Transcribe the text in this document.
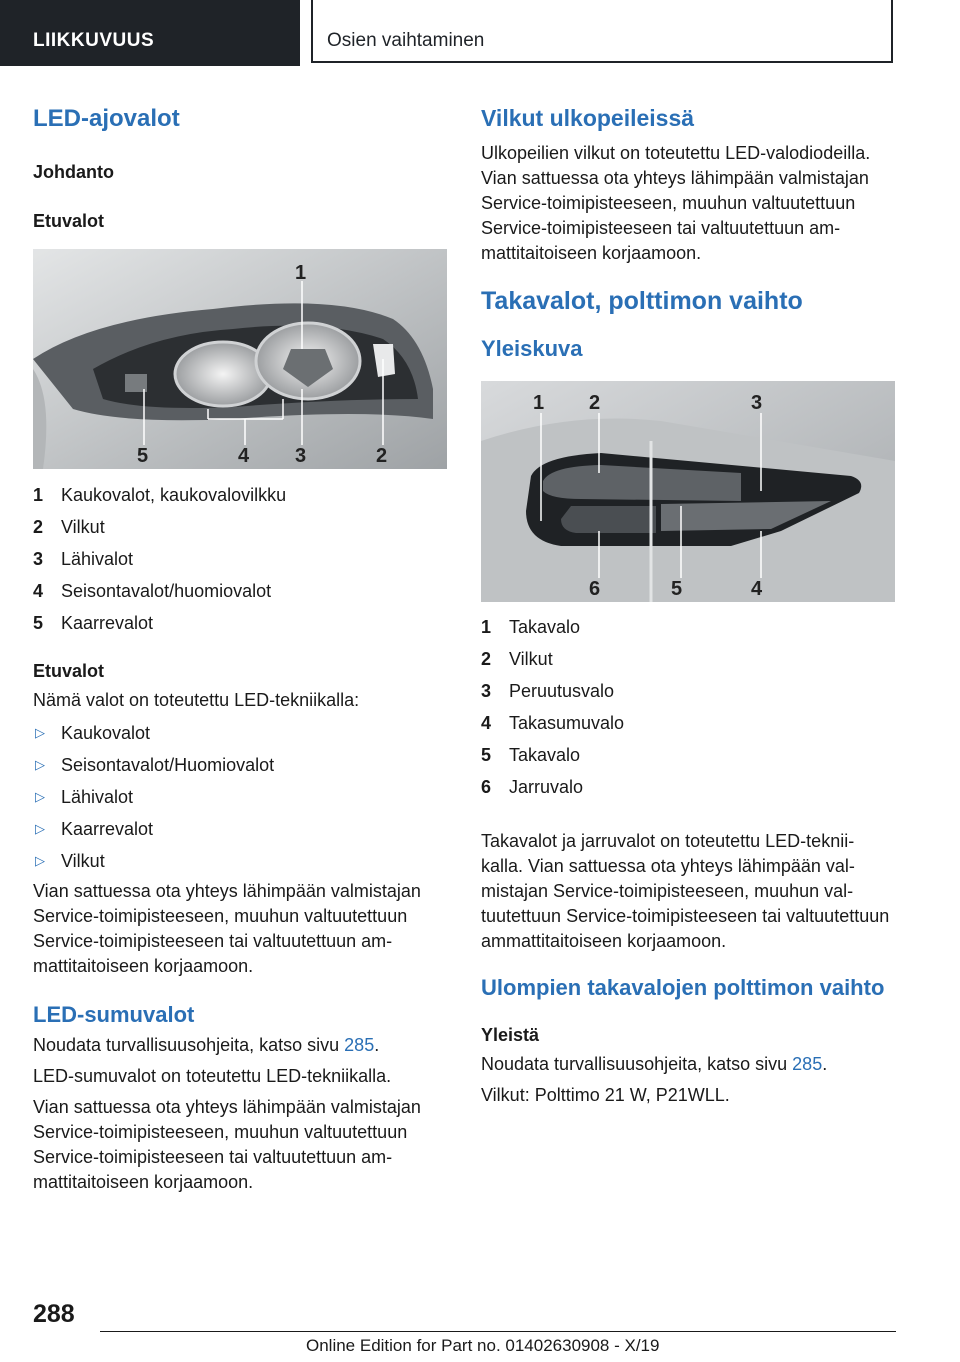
LIIKKUVUUS	Osien vaihtaminen
LED-ajovalot
Johdanto
Etuvalot
1
5	4 3	2
1 Kaukovalot, kaukovalovilkku
2 Vilkut
3 Lähivalot
4 Seisontavalot/huomiovalot
5 Kaarrevalot
Etuvalot

Nämä valot on toteutettu LED-tekniikalla:

▷ Kaukovalot
▷ Seisontavalot/Huomiovalot
▷ Lähivalot
▷ Kaarrevalot
▷ Vilkut

Vian sattuessa ota yhteys lähimpään valmistajan Service-toimipisteeseen, muuhun valtuutettuun Service-toimipisteeseen tai valtuutettuun am-mattitaitoiseen korjaamoon.

LED-sumuvalot

Noudata turvallisuusohjeita, katso sivu 285.

LED-sumuvalot on toteutettu LED-tekniikalla.

Vian sattuessa ota yhteys lähimpään valmistajan Service-toimipisteeseen, muuhun valtuutettuun Service-toimipisteeseen tai valtuutettuun am-mattitaitoiseen korjaamoon.

Vilkut ulkopeileissä

Ulkopeilien vilkut on toteutettu LED-valodiodeilla. Vian sattuessa ota yhteys lähimpään valmistajan Service-toimipisteeseen, muuhun valtuutettuun Service-toimipisteeseen tai valtuutettuun am-mattitaitoiseen korjaamoon.

Takavalot, polttimon vaihto
Yleiskuva
1 2	3
6	5	4
1 Takavalo
2 Vilkut
3 Peruutusvalo
4 Takasumuvalo
5 Takavalo
6 Jarruvalo

Takavalot ja jarruvalot on toteutettu LED-teknii-kalla. Vian sattuessa ota yhteys lähimpään val-mistajan Service-toimipisteeseen, muuhun val-tuutettuun Service-toimipisteeseen tai valtuutettuun ammattitaitoiseen korjaamoon.

Ulompien takavalojen polttimon vaihto
Yleistä

Noudata turvallisuusohjeita, katso sivu 285.

Vilkut: Polttimo 21 W, P21WLL.

288
Online Edition for Part no. 01402630908 - X/19
